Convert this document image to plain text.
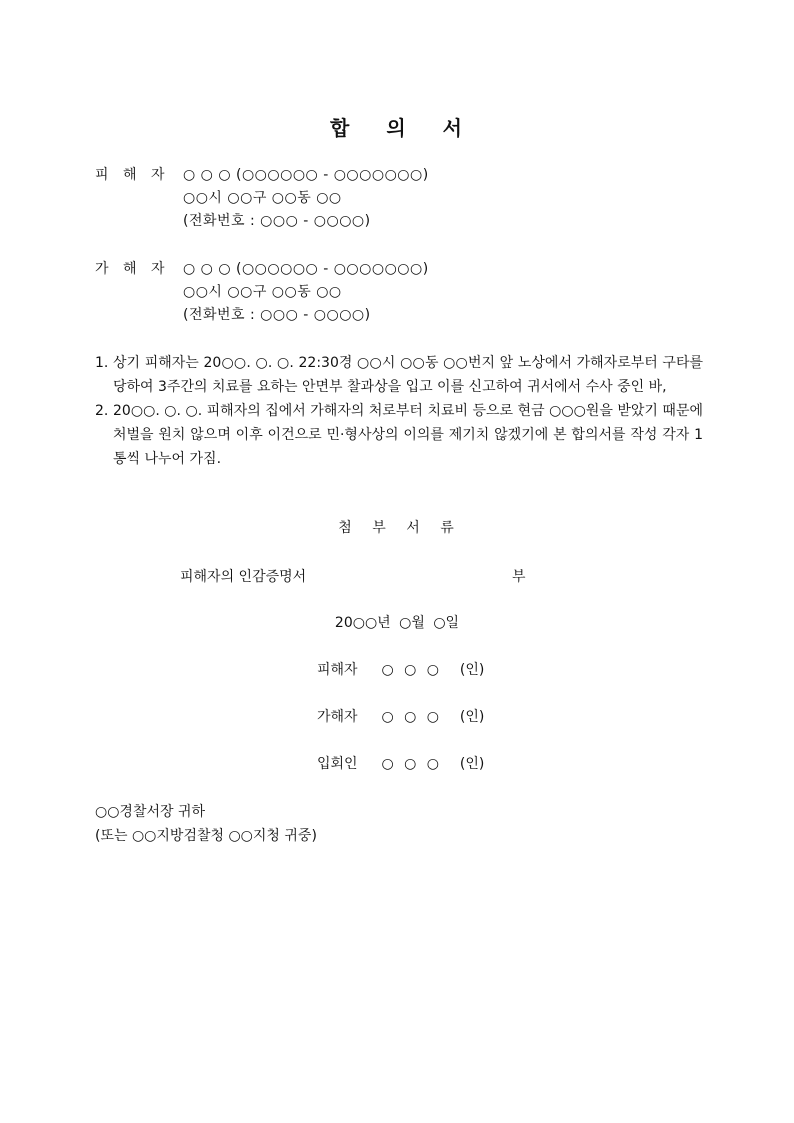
합 의 서
피 해 자 ○ ○ ○ (○○○○○○ - ○○○○○○○)
○○시 ○○구 ○○동 ○○
(전화번호 : ○○○ - ○○○○)
가 해 자 ○ ○ ○ (○○○○○○ - ○○○○○○○)
○○시 ○○구 ○○동 ○○
(전화번호 : ○○○ - ○○○○)
1. 상기 피해자는 20○○. ○. ○. 22:30경 ○○시 ○○동 ○○번지 앞 노상에서 가해자로부터 구타를 당하여 3주간의 치료를 요하는 안면부 찰과상을 입고 이를 신고하여 귀서에서 수사 중인 바,
2. 20○○. ○. ○. 피해자의 집에서 가해자의 처로부터 치료비 등으로 현금 ○○○원을 받았기 때문에 처벌을 원치 않으며 이후 이건으로 민·형사상의 이의를 제기치 않겠기에 본 합의서를 작성 각자 1통씩 나누어 가짐.
첨 부 서 류
피해자의 인감증명서	부
20○○년 ○월 ○일
피해자 ○ ○ ○ (인)
가해자 ○ ○ ○ (인)
입회인 ○ ○ ○ (인)
○○경찰서장 귀하
(또는 ○○지방검찰청 ○○지청 귀중)
